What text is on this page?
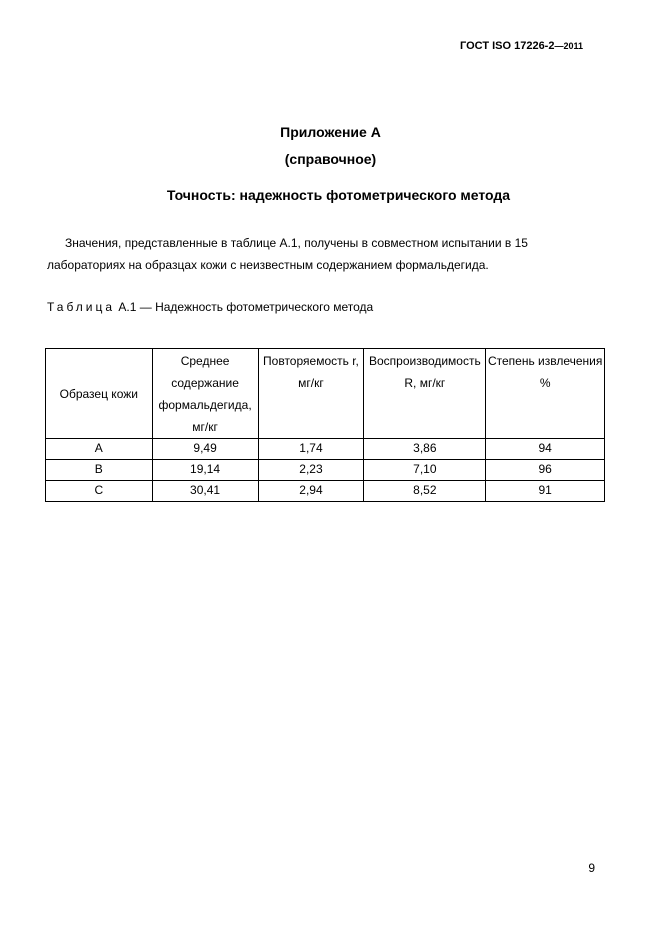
ГОСТ ISO 17226-2—2011
Приложение А
(справочное)
Точность: надежность фотометрического метода
Значения, представленные в таблице А.1, получены в совместном испытании в 15 лабораториях на образцах кожи с неизвестным содержанием формальдегида.
Таблица А.1 — Надежность фотометрического метода
Образец кожи	Среднее содержание формальдегида, мг/кг	Повторяемость r, мг/кг	Воспроизводимость R, мг/кг	Степень извлечения %
А	9,49	1,74	3,86	94
В	19,14	2,23	7,10	96
С	30,41	2,94	8,52	91
9
